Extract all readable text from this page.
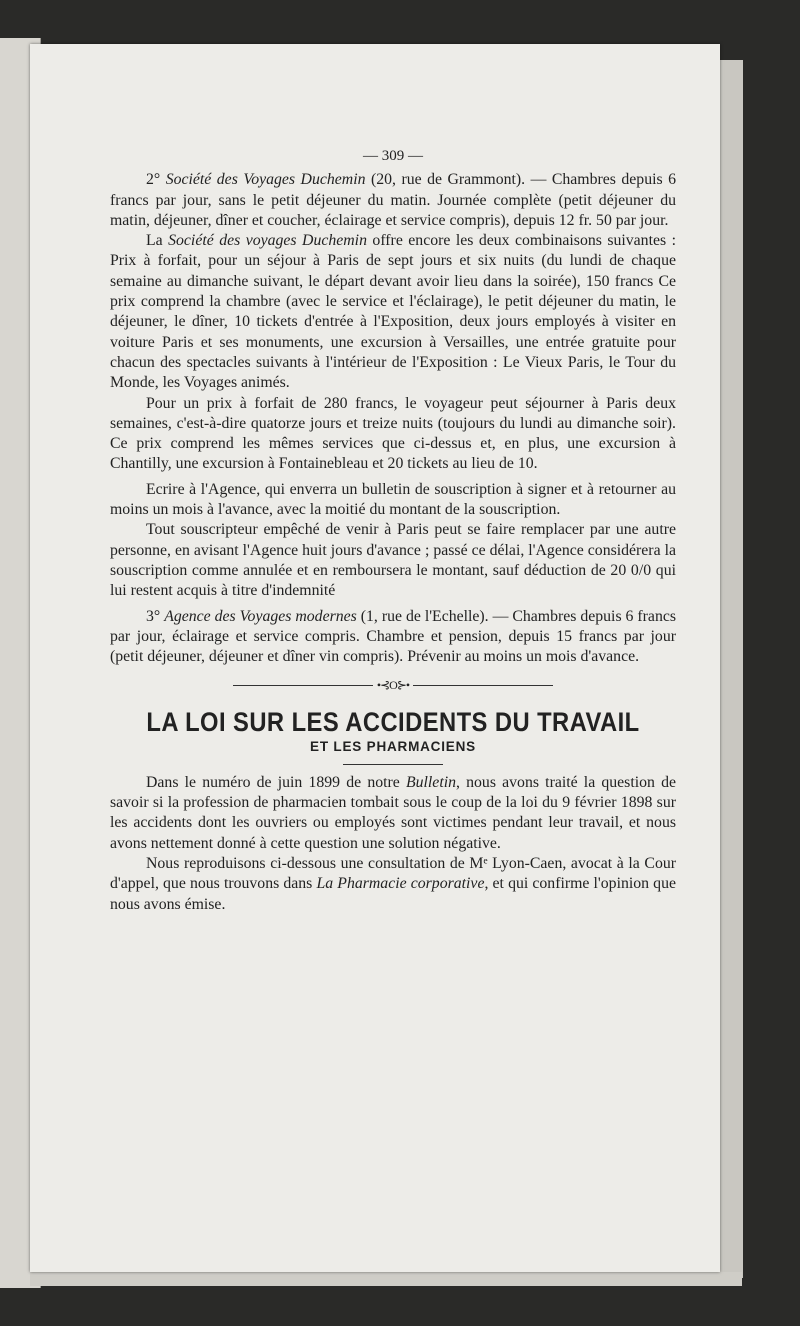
— 309 —

2° Société des Voyages Duchemin (20, rue de Grammont). — Chambres depuis 6 francs par jour, sans le petit déjeuner du matin. Journée complète (petit déjeuner du matin, déjeuner, dîner et coucher, éclairage et service compris), depuis 12 fr. 50 par jour.

La Société des voyages Duchemin offre encore les deux combinaisons suivantes : Prix à forfait, pour un séjour à Paris de sept jours et six nuits (du lundi de chaque semaine au dimanche suivant, le départ devant avoir lieu dans la soirée), 150 francs Ce prix comprend la chambre (avec le service et l'éclairage), le petit déjeuner du matin, le déjeuner, le dîner, 10 tickets d'entrée à l'Exposition, deux jours employés à visiter en voiture Paris et ses monuments, une excursion à Versailles, une entrée gratuite pour chacun des spectacles suivants à l'intérieur de l'Exposition : Le Vieux Paris, le Tour du Monde, les Voyages animés.

Pour un prix à forfait de 280 francs, le voyageur peut séjourner à Paris deux semaines, c'est-à-dire quatorze jours et treize nuits (toujours du lundi au dimanche soir). Ce prix comprend les mêmes services que ci-dessus et, en plus, une excursion à Chantilly, une excursion à Fontainebleau et 20 tickets au lieu de 10.

Ecrire à l'Agence, qui enverra un bulletin de souscription à signer et à retourner au moins un mois à l'avance, avec la moitié du montant de la souscription.

Tout souscripteur empêché de venir à Paris peut se faire remplacer par une autre personne, en avisant l'Agence huit jours d'avance ; passé ce délai, l'Agence considérera la souscription comme annulée et en remboursera le montant, sauf déduction de 20 0/0 qui lui restent acquis à titre d'indemnité

3° Agence des Voyages modernes (1, rue de l'Echelle). — Chambres depuis 6 francs par jour, éclairage et service compris. Chambre et pension, depuis 15 francs par jour (petit déjeuner, déjeuner et dîner vin compris). Prévenir au moins un mois d'avance.

•⊰O⊱•
LA LOI SUR LES ACCIDENTS DU TRAVAIL
ET LES PHARMACIENS

Dans le numéro de juin 1899 de notre Bulletin, nous avons traité la question de savoir si la profession de pharmacien tombait sous le coup de la loi du 9 février 1898 sur les accidents dont les ouvriers ou employés sont victimes pendant leur travail, et nous avons nettement donné à cette question une solution négative.

Nous reproduisons ci-dessous une consultation de Mᵉ Lyon-Caen, avocat à la Cour d'appel, que nous trouvons dans La Pharmacie corporative, et qui confirme l'opinion que nous avons émise.
